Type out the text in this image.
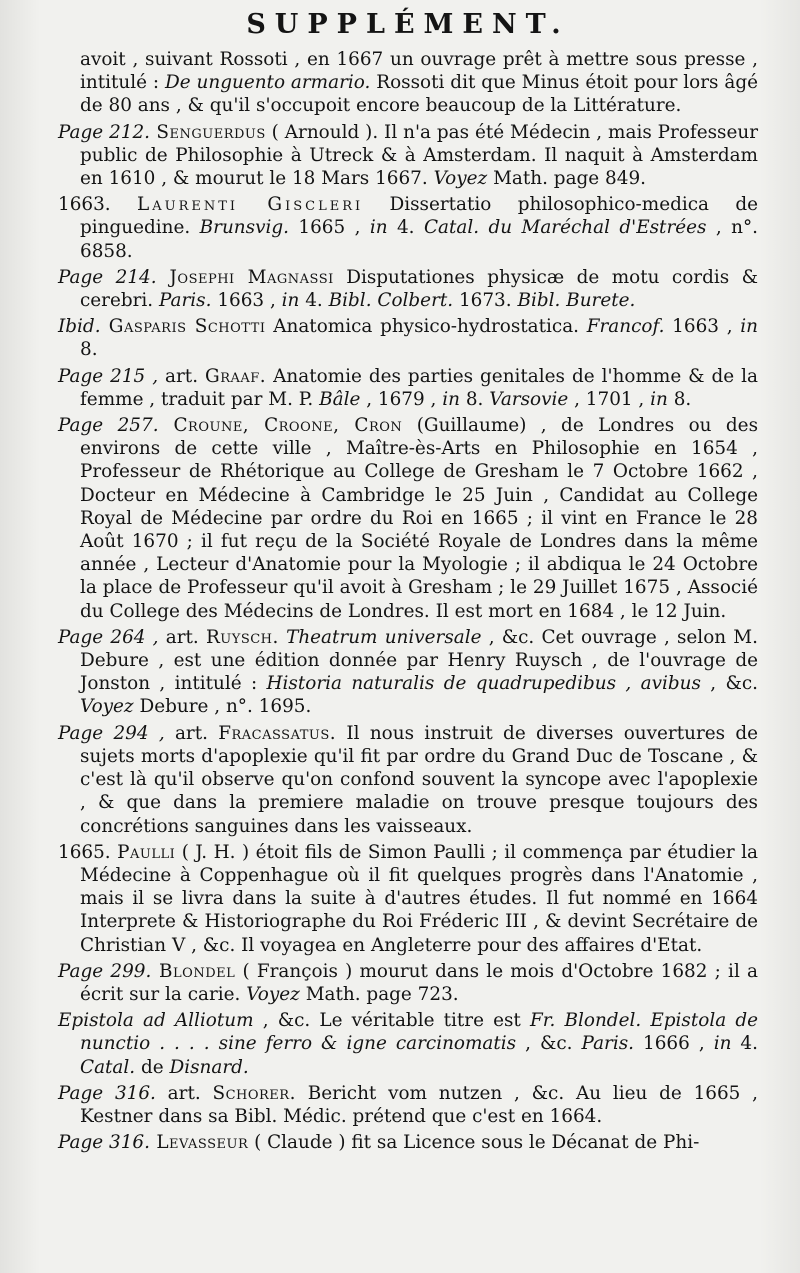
SUPPLÉMENT.

avoit , suivant Rossoti , en 1667 un ouvrage prêt à mettre sous presse , intitulé : De unguento armario. Rossoti dit que Minus étoit pour lors âgé de 80 ans , & qu'il s'occupoit encore beaucoup de la Littérature.

Page 212. Senguerdus ( Arnould ). Il n'a pas été Médecin , mais Professeur public de Philosophie à Utreck & à Amsterdam. Il naquit à Amsterdam en 1610 , & mourut le 18 Mars 1667. Voyez Math. page 849.

1663. Laurenti Giscleri Dissertatio philosophico-medica de pinguedine. Brunsvig. 1665 , in 4. Catal. du Maréchal d'Estrées , n°. 6858.

Page 214. Josephi Magnassi Disputationes physicæ de motu cordis & cerebri. Paris. 1663 , in 4. Bibl. Colbert. 1673. Bibl. Burete.

Ibid. Gasparis Schotti Anatomica physico-hydrostatica. Francof. 1663 , in 8.

Page 215 , art. Graaf. Anatomie des parties genitales de l'homme & de la femme , traduit par M. P. Bâle , 1679 , in 8. Varsovie , 1701 , in 8.

Page 257. Croune, Croone, Cron (Guillaume) , de Londres ou des environs de cette ville , Maître-ès-Arts en Philosophie en 1654 , Professeur de Rhétorique au College de Gresham le 7 Octobre 1662 , Docteur en Médecine à Cambridge le 25 Juin , Candidat au College Royal de Médecine par ordre du Roi en 1665 ; il vint en France le 28 Août 1670 ; il fut reçu de la Société Royale de Londres dans la même année , Lecteur d'Anatomie pour la Myologie ; il abdiqua le 24 Octobre la place de Professeur qu'il avoit à Gresham ; le 29 Juillet 1675 , Associé du College des Médecins de Londres. Il est mort en 1684 , le 12 Juin.

Page 264 , art. Ruysch. Theatrum universale , &c. Cet ouvrage , selon M. Debure , est une édition donnée par Henry Ruysch , de l'ouvrage de Jonston , intitulé : Historia naturalis de quadrupedibus , avibus , &c. Voyez Debure , n°. 1695.

Page 294 , art. Fracassatus. Il nous instruit de diverses ouvertures de sujets morts d'apoplexie qu'il fit par ordre du Grand Duc de Toscane , & c'est là qu'il observe qu'on confond souvent la syncope avec l'apoplexie , & que dans la premiere maladie on trouve presque toujours des concrétions sanguines dans les vaisseaux.

1665. Paulli ( J. H. ) étoit fils de Simon Paulli ; il commença par étudier la Médecine à Coppenhague où il fit quelques progrès dans l'Anatomie , mais il se livra dans la suite à d'autres études. Il fut nommé en 1664 Interprete & Historiographe du Roi Fréderic III , & devint Secrétaire de Christian V , &c. Il voyagea en Angleterre pour des affaires d'Etat.

Page 299. Blondel ( François ) mourut dans le mois d'Octobre 1682 ; il a écrit sur la carie. Voyez Math. page 723.

Epistola ad Alliotum , &c. Le véritable titre est Fr. Blondel. Epistola de nunctio . . . . sine ferro & igne carcinomatis , &c. Paris. 1666 , in 4. Catal. de Disnard.

Page 316. art. Schorer. Bericht vom nutzen , &c. Au lieu de 1665 , Kestner dans sa Bibl. Médic. prétend que c'est en 1664.

Page 316. Levasseur ( Claude ) fit sa Licence sous le Décanat de Phi-
